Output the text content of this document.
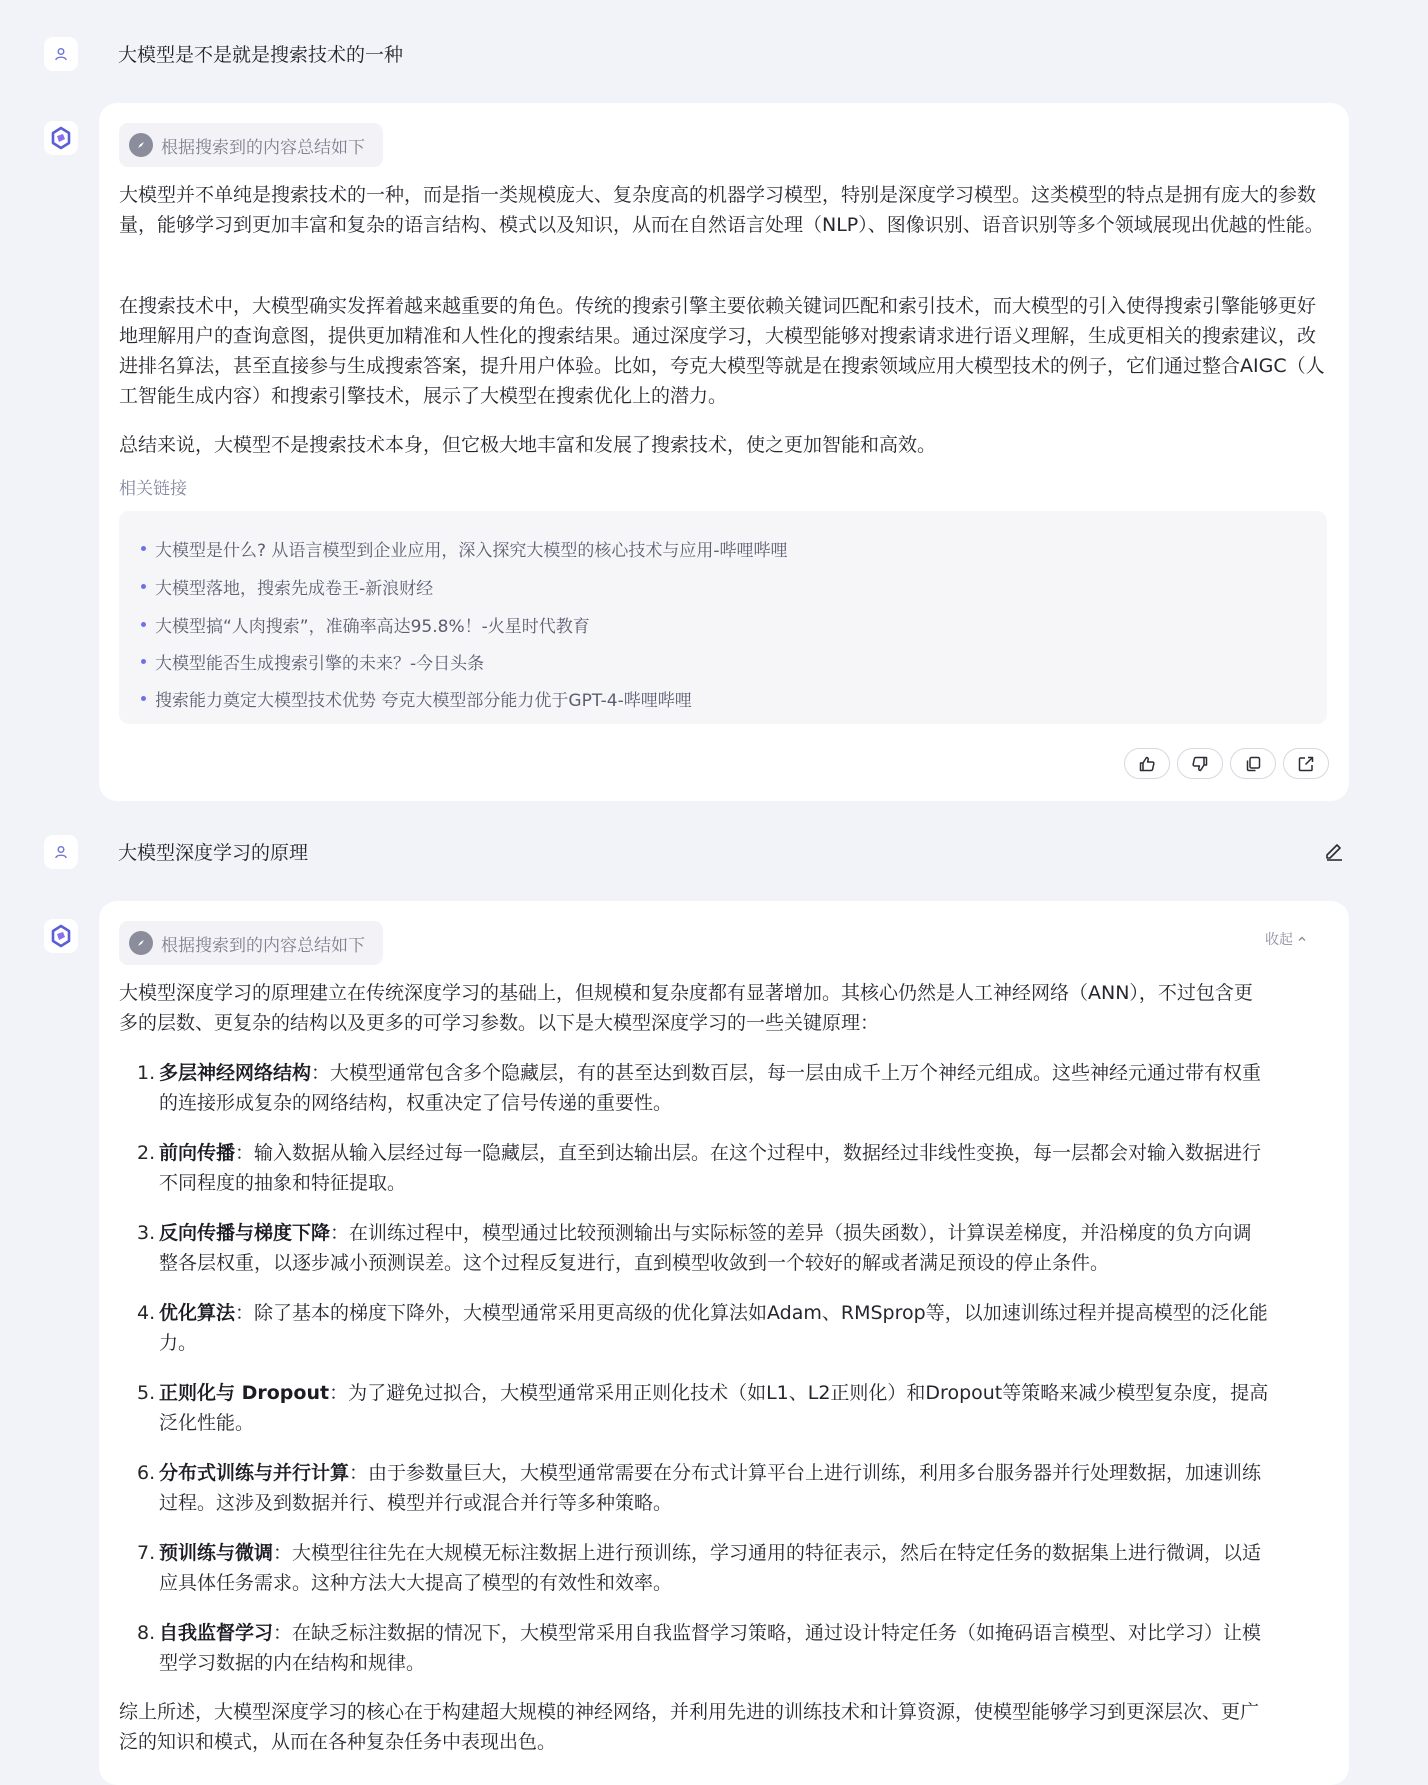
大模型是不是就是搜索技术的一种
根据搜索到的内容总结如下

大模型并不单纯是搜索技术的一种，而是指一类规模庞大、复杂度高的机器学习模型，特别是深度学习模型。这类模型的特点是拥有庞大的参数量，能够学习到更加丰富和复杂的语言结构、模式以及知识，从而在自然语言处理（NLP）、图像识别、语音识别等多个领域展现出优越的性能。

在搜索技术中，大模型确实发挥着越来越重要的角色。传统的搜索引擎主要依赖关键词匹配和索引技术，而大模型的引入使得搜索引擎能够更好地理解用户的查询意图，提供更加精准和人性化的搜索结果。通过深度学习，大模型能够对搜索请求进行语义理解，生成更相关的搜索建议，改进排名算法，甚至直接参与生成搜索答案，提升用户体验。比如，夸克大模型等就是在搜索领域应用大模型技术的例子，它们通过整合AIGC（人工智能生成内容）和搜索引擎技术，展示了大模型在搜索优化上的潜力。

总结来说，大模型不是搜索技术本身，但它极大地丰富和发展了搜索技术，使之更加智能和高效。

相关链接
大模型是什么? 从语言模型到企业应用，深入探究大模型的核心技术与应用-哔哩哔哩
大模型落地，搜索先成卷王-新浪财经
大模型搞“人肉搜索”，准确率高达95.8%！-火星时代教育
大模型能否生成搜索引擎的未来？-今日头条
搜索能力奠定大模型技术优势 夸克大模型部分能力优于GPT-4-哔哩哔哩
大模型深度学习的原理
根据搜索到的内容总结如下	收起

大模型深度学习的原理建立在传统深度学习的基础上，但规模和复杂度都有显著增加。其核心仍然是人工神经网络（ANN），不过包含更多的层数、更复杂的结构以及更多的可学习参数。以下是大模型深度学习的一些关键原理：

1. 多层神经网络结构：大模型通常包含多个隐藏层，有的甚至达到数百层，每一层由成千上万个神经元组成。这些神经元通过带有权重的连接形成复杂的网络结构，权重决定了信号传递的重要性。
2. 前向传播：输入数据从输入层经过每一隐藏层，直至到达输出层。在这个过程中，数据经过非线性变换，每一层都会对输入数据进行不同程度的抽象和特征提取。
3. 反向传播与梯度下降：在训练过程中，模型通过比较预测输出与实际标签的差异（损失函数），计算误差梯度，并沿梯度的负方向调整各层权重，以逐步减小预测误差。这个过程反复进行，直到模型收敛到一个较好的解或者满足预设的停止条件。
4. 优化算法：除了基本的梯度下降外，大模型通常采用更高级的优化算法如Adam、RMSprop等，以加速训练过程并提高模型的泛化能力。
5. 正则化与 Dropout：为了避免过拟合，大模型通常采用正则化技术（如L1、L2正则化）和Dropout等策略来减少模型复杂度，提高泛化性能。
6. 分布式训练与并行计算：由于参数量巨大，大模型通常需要在分布式计算平台上进行训练，利用多台服务器并行处理数据，加速训练过程。这涉及到数据并行、模型并行或混合并行等多种策略。
7. 预训练与微调：大模型往往先在大规模无标注数据上进行预训练，学习通用的特征表示，然后在特定任务的数据集上进行微调，以适应具体任务需求。这种方法大大提高了模型的有效性和效率。
8. 自我监督学习：在缺乏标注数据的情况下，大模型常采用自我监督学习策略，通过设计特定任务（如掩码语言模型、对比学习）让模型学习数据的内在结构和规律。

综上所述，大模型深度学习的核心在于构建超大规模的神经网络，并利用先进的训练技术和计算资源，使模型能够学习到更深层次、更广泛的知识和模式，从而在各种复杂任务中表现出色。
